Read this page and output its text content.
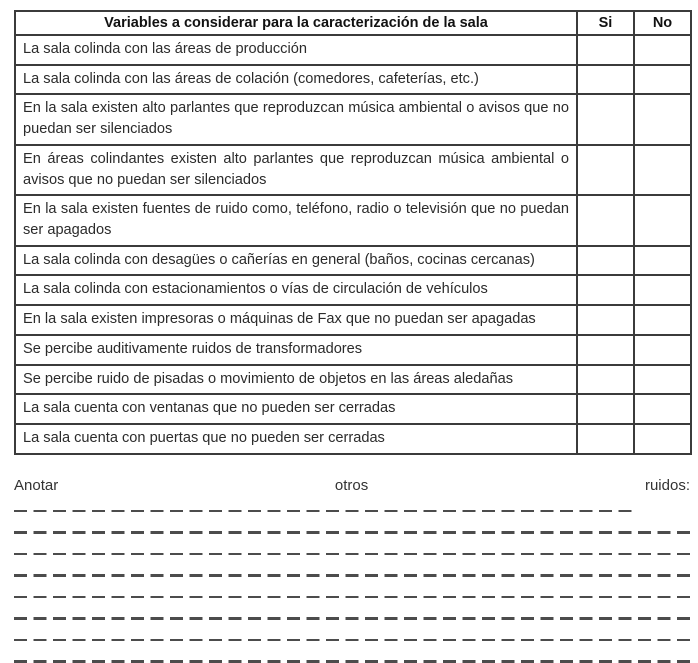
Variables a considerar para la caracterización de la sala	Si	No
La sala colinda con las áreas de producción		
La sala colinda con las áreas de colación (comedores, cafeterías, etc.)		
En la sala existen alto parlantes que reproduzcan música ambiental o avisos que no puedan ser silenciados		
En áreas colindantes existen alto parlantes que reproduzcan música ambiental o avisos que no puedan ser silenciados		
En la sala existen fuentes de ruido como, teléfono, radio o televisión que no puedan ser apagados		
La sala colinda con desagües o cañerías en general (baños, cocinas cercanas)		
La sala colinda con estacionamientos o vías de circulación de vehículos		
En la sala existen impresoras o máquinas de Fax que no puedan ser apagadas		
Se percibe auditivamente ruidos de transformadores		
Se percibe ruido de pisadas o movimiento de objetos en las áreas aledañas		
La sala cuenta con ventanas que no pueden ser cerradas		
La sala cuenta con puertas que no pueden ser cerradas		
Anotar	otros	ruidos:
